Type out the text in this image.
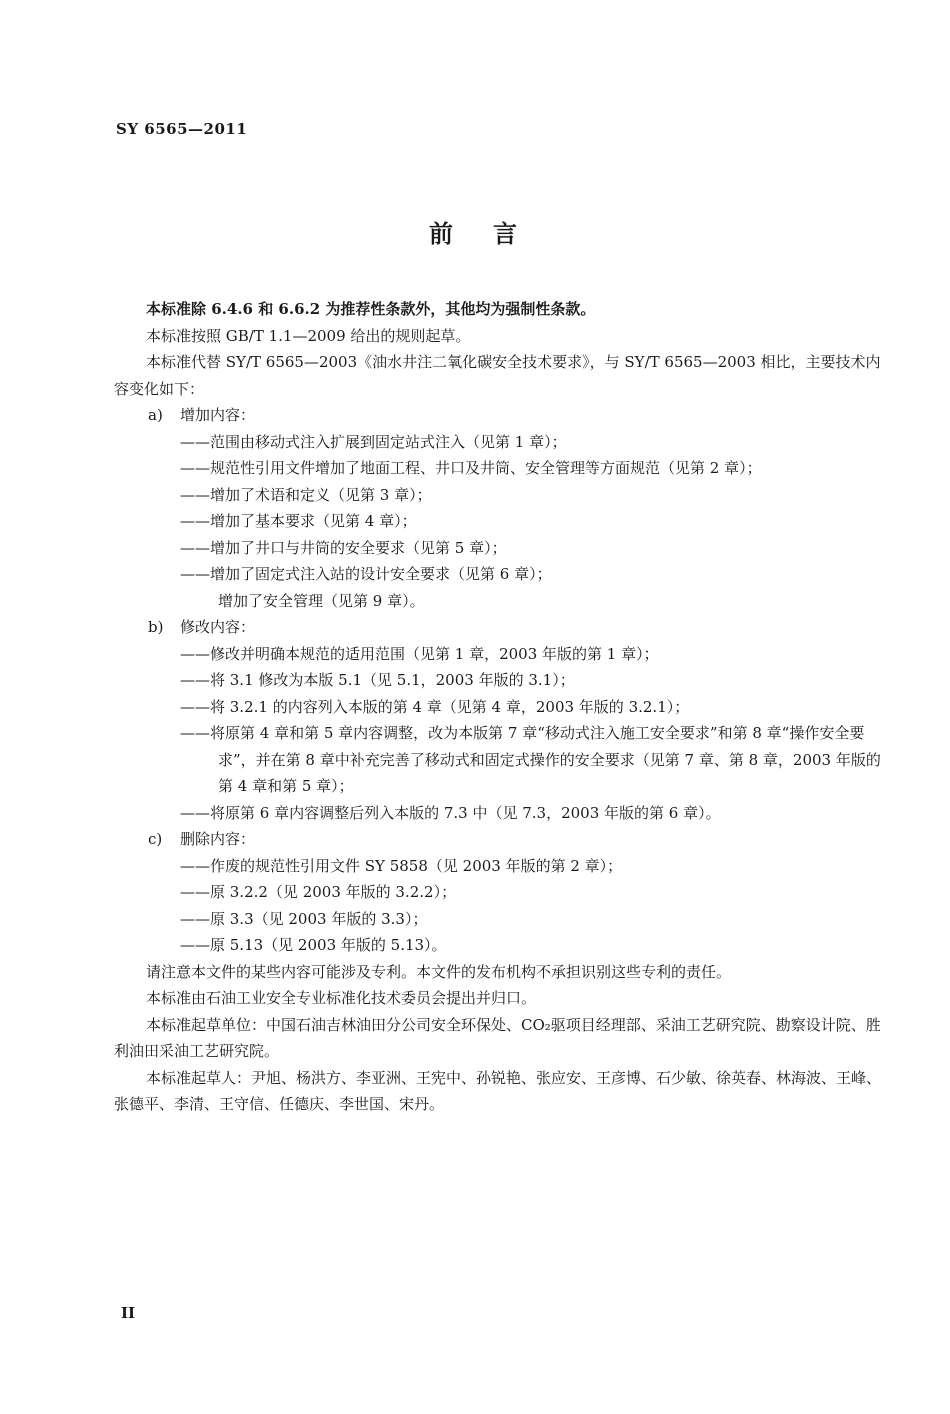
SY 6565—2011
前言

本标准除 6.4.6 和 6.6.2 为推荐性条款外，其他均为强制性条款。

本标准按照 GB/T 1.1—2009 给出的规则起草。

本标准代替 SY/T 6565—2003《油水井注二氧化碳安全技术要求》，与 SY/T 6565—2003 相比，主要技术内容变化如下：

a) 增加内容：

——范围由移动式注入扩展到固定站式注入（见第 1 章）；

——规范性引用文件增加了地面工程、井口及井筒、安全管理等方面规范（见第 2 章）；

——增加了术语和定义（见第 3 章）；

——增加了基本要求（见第 4 章）；

——增加了井口与井筒的安全要求（见第 5 章）；

——增加了固定式注入站的设计安全要求（见第 6 章）；

增加了安全管理（见第 9 章）。

b) 修改内容：

——修改并明确本规范的适用范围（见第 1 章，2003 年版的第 1 章）；

——将 3.1 修改为本版 5.1（见 5.1，2003 年版的 3.1）；

——将 3.2.1 的内容列入本版的第 4 章（见第 4 章，2003 年版的 3.2.1）；

——将原第 4 章和第 5 章内容调整，改为本版第 7 章“移动式注入施工安全要求”和第 8 章“操作安全要求”，并在第 8 章中补充完善了移动式和固定式操作的安全要求（见第 7 章、第 8 章，2003 年版的第 4 章和第 5 章）；

——将原第 6 章内容调整后列入本版的 7.3 中（见 7.3，2003 年版的第 6 章）。

c) 删除内容：

——作废的规范性引用文件 SY 5858（见 2003 年版的第 2 章）；

——原 3.2.2（见 2003 年版的 3.2.2）；

——原 3.3（见 2003 年版的 3.3）；

——原 5.13（见 2003 年版的 5.13）。

请注意本文件的某些内容可能涉及专利。本文件的发布机构不承担识别这些专利的责任。

本标准由石油工业安全专业标准化技术委员会提出并归口。

本标准起草单位：中国石油吉林油田分公司安全环保处、CO₂驱项目经理部、采油工艺研究院、勘察设计院、胜利油田采油工艺研究院。

本标准起草人：尹旭、杨洪方、李亚洲、王宪中、孙锐艳、张应安、王彦博、石少敏、徐英春、林海波、王峰、张德平、李清、王守信、任德庆、李世国、宋丹。

II
